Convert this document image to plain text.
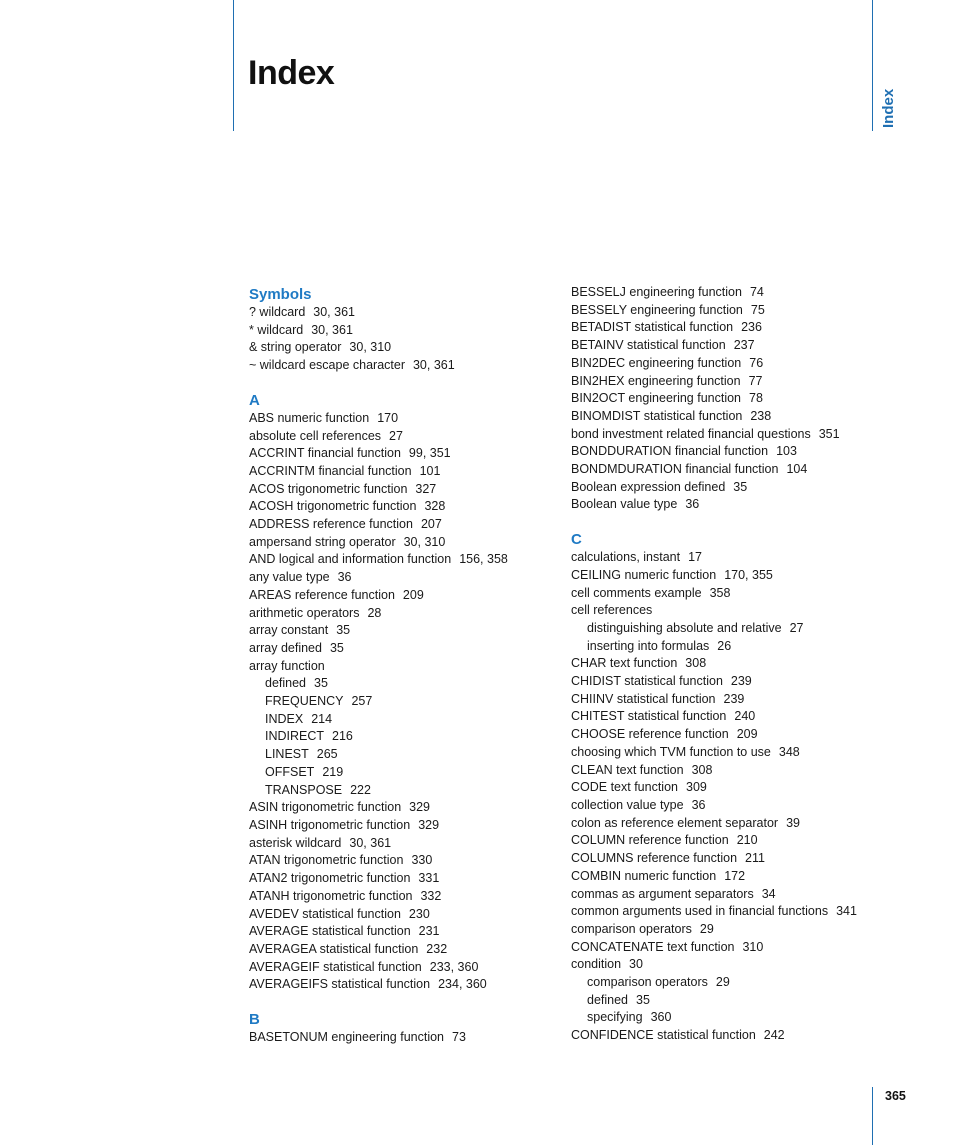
Index
Index
Symbols
? wildcard 30, 361
* wildcard 30, 361
& string operator 30, 310
~ wildcard escape character 30, 361
A
ABS numeric function 170
absolute cell references 27
ACCRINT financial function 99, 351
ACCRINTM financial function 101
ACOS trigonometric function 327
ACOSH trigonometric function 328
ADDRESS reference function 207
ampersand string operator 30, 310
AND logical and information function 156, 358
any value type 36
AREAS reference function 209
arithmetic operators 28
array constant 35
array defined 35
array function
defined 35
FREQUENCY 257
INDEX 214
INDIRECT 216
LINEST 265
OFFSET 219
TRANSPOSE 222
ASIN trigonometric function 329
ASINH trigonometric function 329
asterisk wildcard 30, 361
ATAN trigonometric function 330
ATAN2 trigonometric function 331
ATANH trigonometric function 332
AVEDEV statistical function 230
AVERAGE statistical function 231
AVERAGEA statistical function 232
AVERAGEIF statistical function 233, 360
AVERAGEIFS statistical function 234, 360
B
BASETONUM engineering function 73
BESSELJ engineering function 74
BESSELY engineering function 75
BETADIST statistical function 236
BETAINV statistical function 237
BIN2DEC engineering function 76
BIN2HEX engineering function 77
BIN2OCT engineering function 78
BINOMDIST statistical function 238
bond investment related financial questions 351
BONDDURATION financial function 103
BONDMDURATION financial function 104
Boolean expression defined 35
Boolean value type 36
C
calculations, instant 17
CEILING numeric function 170, 355
cell comments example 358
cell references
distinguishing absolute and relative 27
inserting into formulas 26
CHAR text function 308
CHIDIST statistical function 239
CHIINV statistical function 239
CHITEST statistical function 240
CHOOSE reference function 209
choosing which TVM function to use 348
CLEAN text function 308
CODE text function 309
collection value type 36
colon as reference element separator 39
COLUMN reference function 210
COLUMNS reference function 211
COMBIN numeric function 172
commas as argument separators 34
common arguments used in financial functions 341
comparison operators 29
CONCATENATE text function 310
condition 30
comparison operators 29
defined 35
specifying 360
CONFIDENCE statistical function 242
365
